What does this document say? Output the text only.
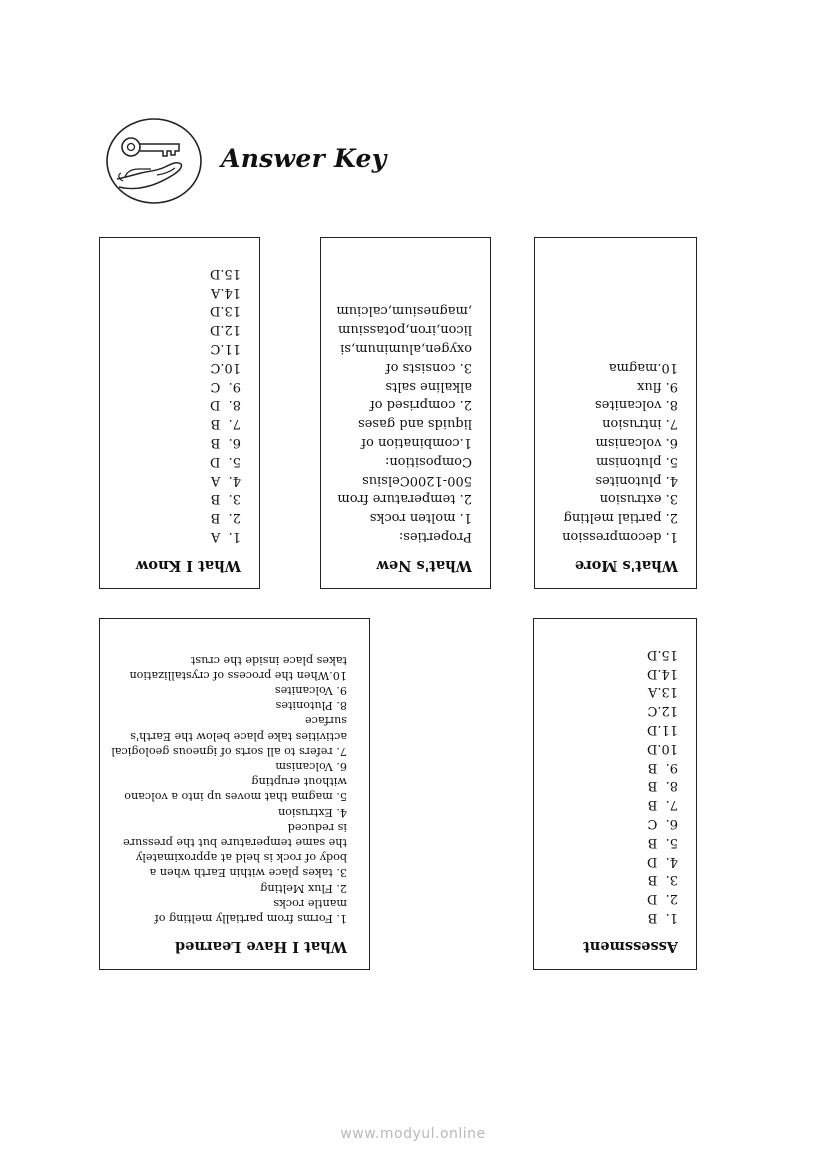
Answer Key
What I Know
1.  A
2.  B
3.  B
4.  A
5.  D
6.  B
7.  B
8.  D
9.  C
10.C
11.C
12.D
13.D
14.A
15.D
What's New
Properties:
1. molten rocks
2. temperature from
500-1200Celsius
Composition:
1.combination of
liquids and gases
2. comprised of
alkaline salts
3. consists of
oxygen,aluminum,si
licon,iron,potassium
,magnesium,calcium
What's More
1. decompression
2. partial melting
3. extrusion
4. plutonites
5. plutonism
6. volcanism
7. intrusion
8. volcanites
9. flux
10.magma
What I Have Learned
1. Forms from partially melting of
mantle rocks
2. Flux Melting
3. takes place within Earth when a
body of rock is held at approximately
the same temperature but the pressure
is reduced
4. Extrusion
5. magma that moves up into a volcano
without erupting
6. Volcanism
7. refers to all sorts of igneous geological
activities take place below the Earth's
surface
8. Plutonites
9. Volcanites
10.When the process of crystallization
takes place inside the crust
Assessment
1.  B
2.  D
3.  B
4.  D
5.  B
6.  C
7.  B
8.  B
9.  B
10.D
11.D
12.C
13.A
14.D
15.D
www.modyul.online
